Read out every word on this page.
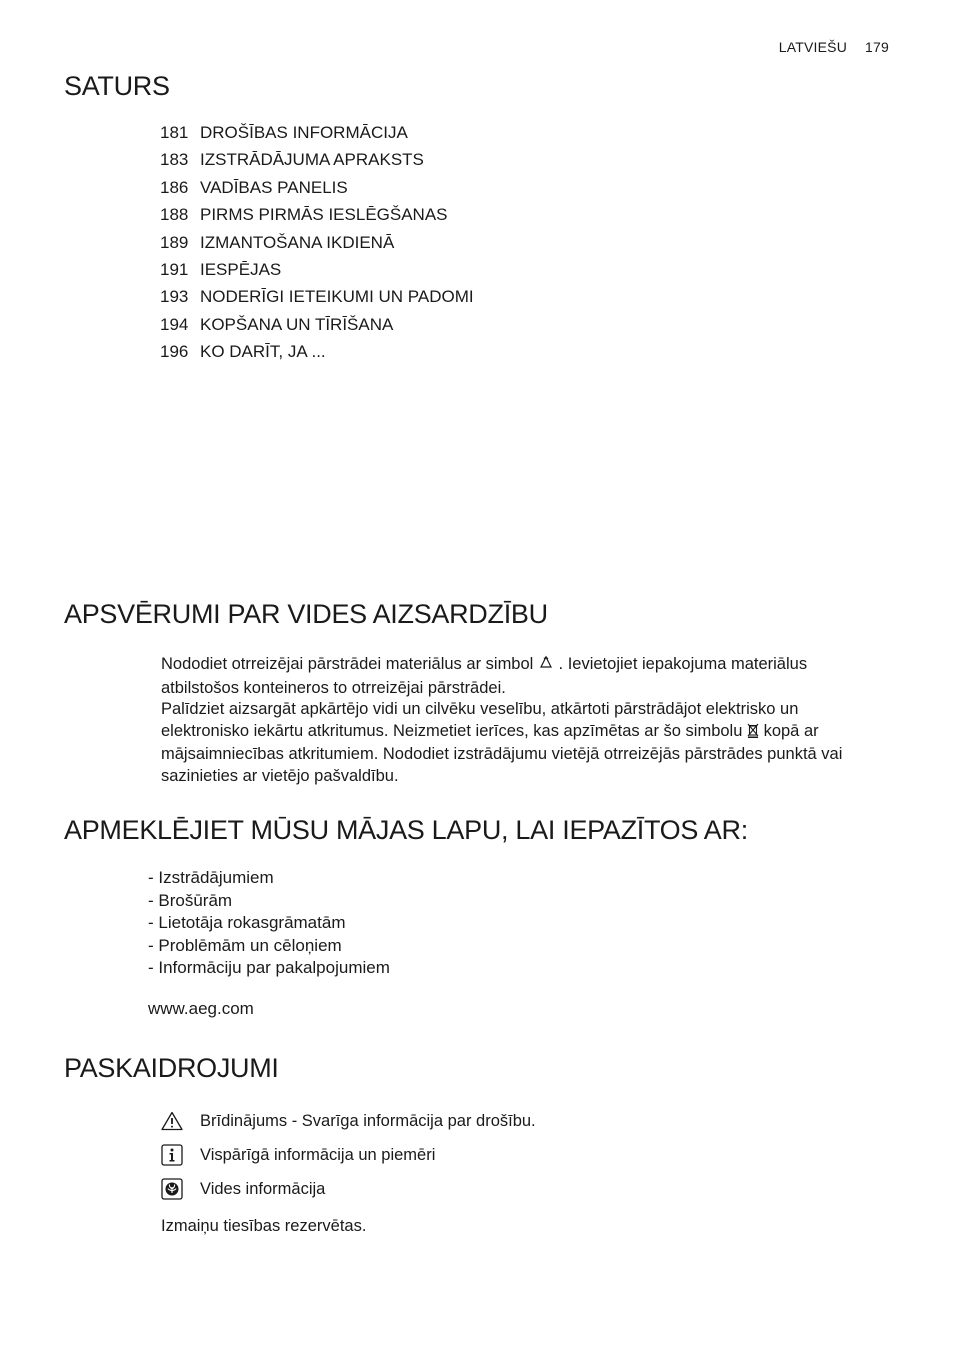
LATVIEŠU 179
SATURS
181 DROŠĪBAS INFORMĀCIJA
183 IZSTRĀDĀJUMA APRAKSTS
186 VADĪBAS PANELIS
188 PIRMS PIRMĀS IESLĒGŠANAS
189 IZMANTOŠANA IKDIENĀ
191 IESPĒJAS
193 NODERĪGI IETEIKUMI UN PADOMI
194 KOPŠANA UN TĪRĪŠANA
196 KO DARĪT, JA ...
APSVĒRUMI PAR VIDES AIZSARDZĪBU
Nododiet otrreizējai pārstrādei materiālus ar simbol . Ievietojiet iepakojuma materiālus atbilstošos konteineros to otrreizējai pārstrādei.
Palīdziet aizsargāt apkārtējo vidi un cilvēku veselību, atkārtoti pārstrādājot elektrisko un elektronisko iekārtu atkritumus. Neizmetiet ierīces, kas apzīmētas ar šo simbolu kopā ar mājsaimniecības atkritumiem. Nododiet izstrādājumu vietējā otrreizējās pārstrādes punktā vai sazinieties ar vietējo pašvaldību.
APMEKLĒJIET MŪSU MĀJAS LAPU, LAI IEPAZĪTOS AR:
- Izstrādājumiem
- Brošūrām
- Lietotāja rokasgrāmatām
- Problēmām un cēloņiem
- Informāciju par pakalpojumiem
www.aeg.com
PASKAIDROJUMI
Brīdinājums - Svarīga informācija par drošību.
Vispārīgā informācija un piemēri
Vides informācija
Izmaiņu tiesības rezervētas.
